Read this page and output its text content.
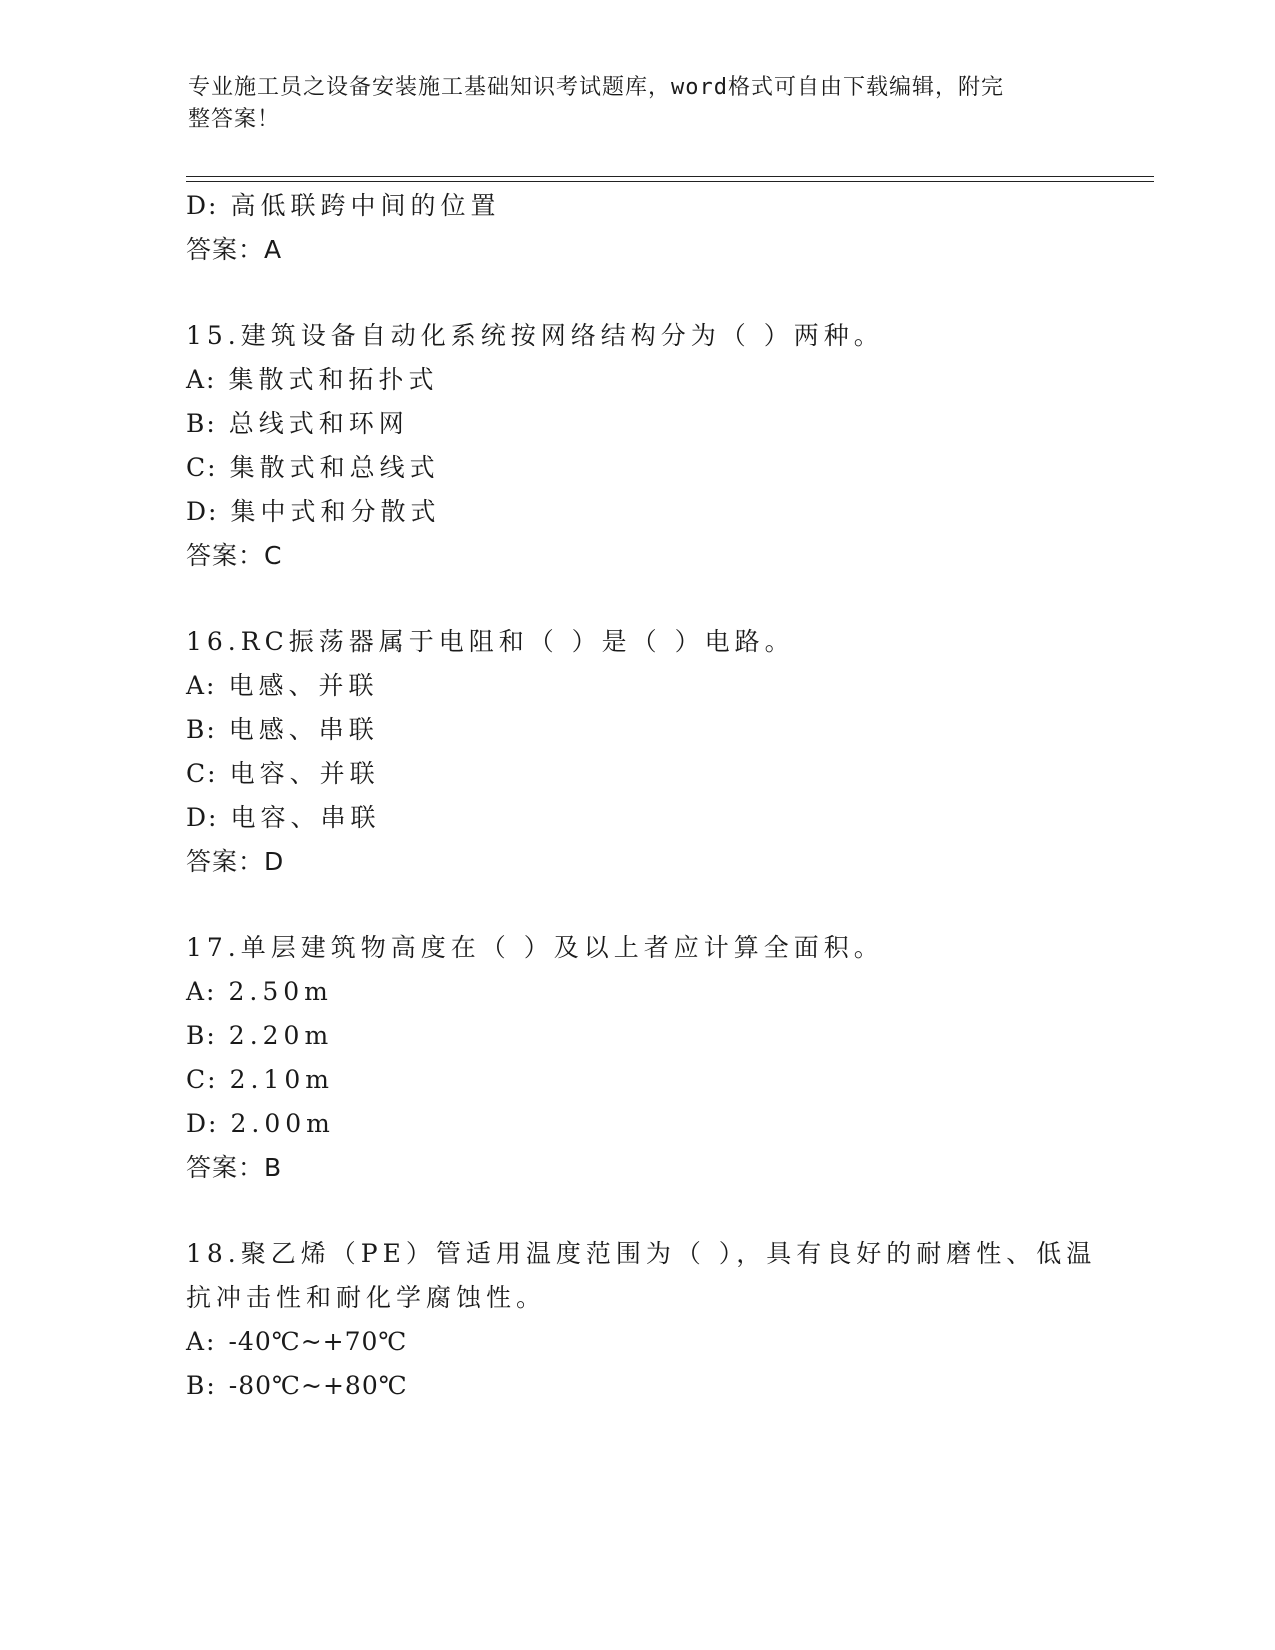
专业施工员之设备安装施工基础知识考试题库，word格式可自由下载编辑，附完
整答案！
D: 高低联跨中间的位置
答案：A
15.建筑设备自动化系统按网络结构分为（ ）两种。
A: 集散式和拓扑式
B: 总线式和环网
C: 集散式和总线式
D: 集中式和分散式
答案：C
16.RC振荡器属于电阻和（ ）是（ ）电路。
A: 电感、并联
B: 电感、串联
C: 电容、并联
D: 电容、串联
答案：D
17.单层建筑物高度在（ ）及以上者应计算全面积。
A: 2.50m
B: 2.20m
C: 2.10m
D: 2.00m
答案：B
18.聚乙烯（PE）管适用温度范围为（ ），具有良好的耐磨性、低温
抗冲击性和耐化学腐蚀性。
A: -40℃~+70℃
B: -80℃~+80℃
